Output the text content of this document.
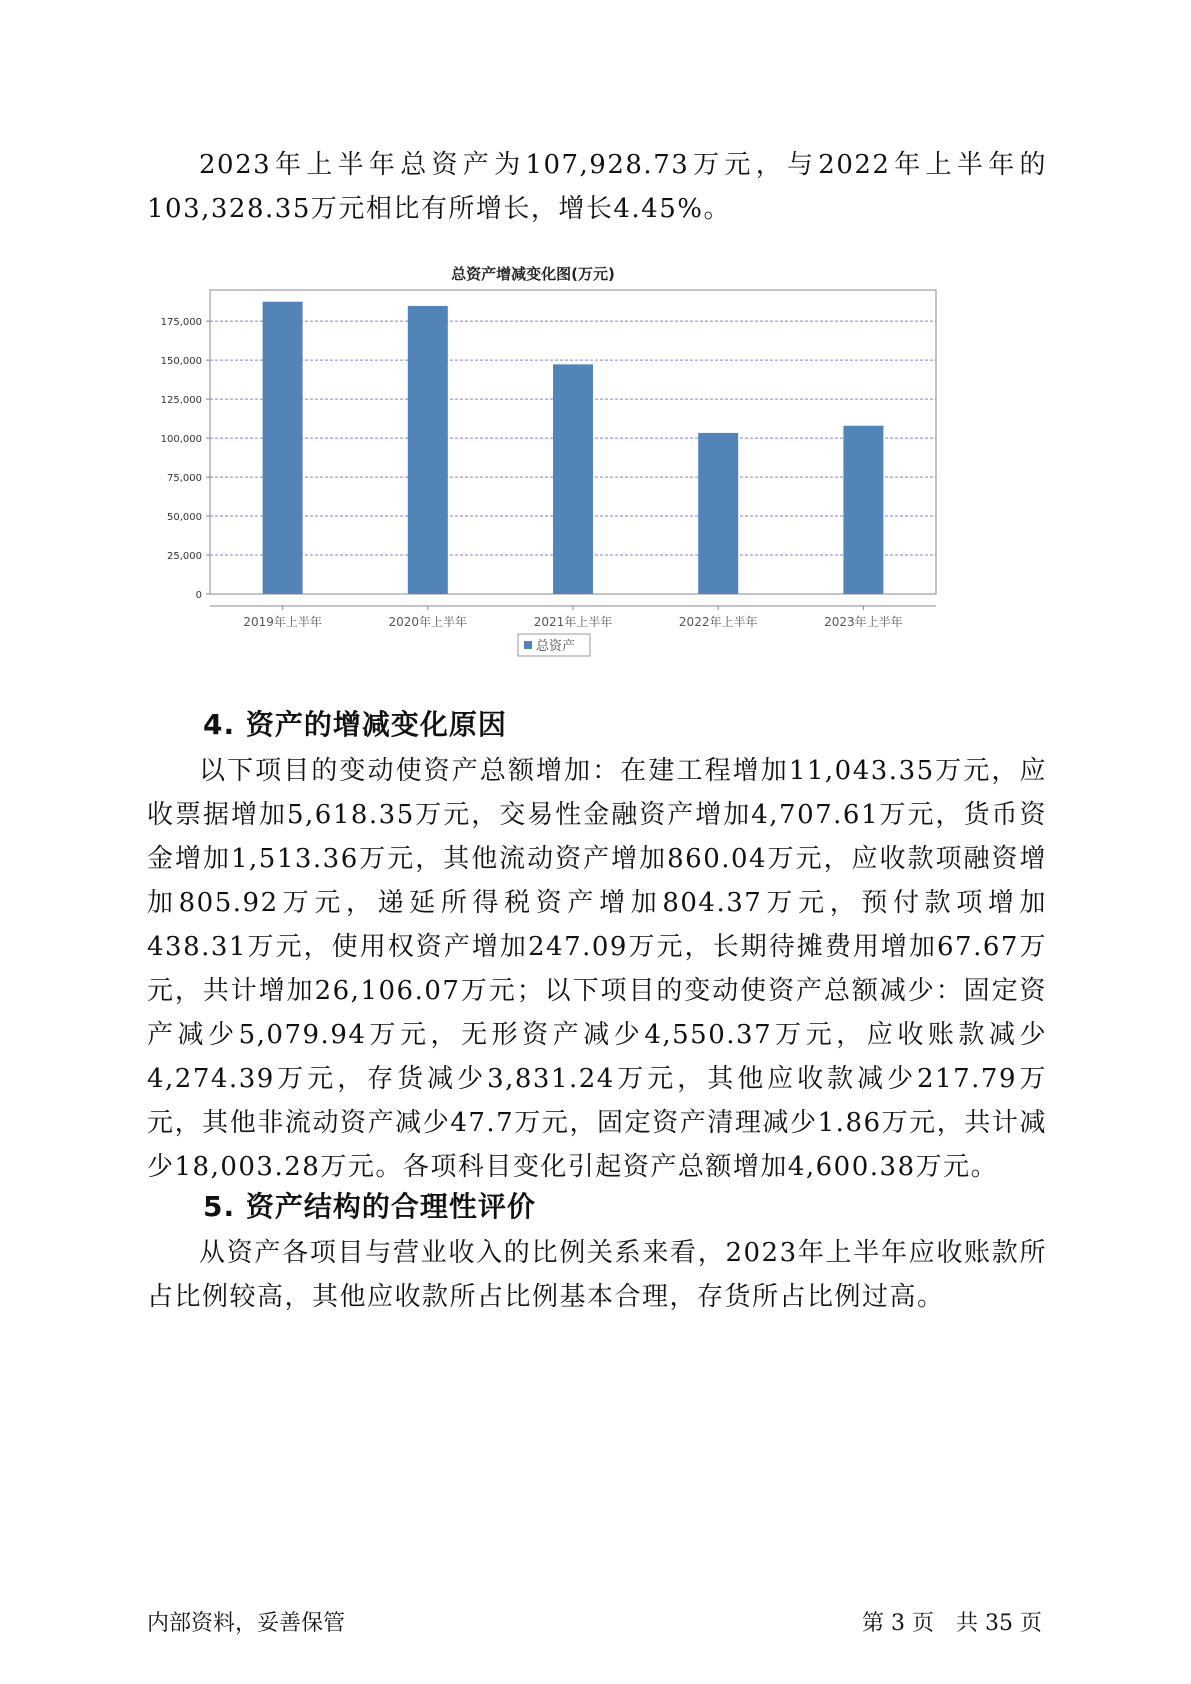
2023年上半年总资产为107,928.73万元，与2022年上半年的103,328.35万元相比有所增长，增长4.45%。

总资产增减变化图(万元)
0
25,000
50,000
75,000
100,000
125,000
150,000
175,000
2019年上半年	2020年上半年	2021年上半年	2022年上半年	2023年上半年
总资产
4. 资产的增减变化原因

以下项目的变动使资产总额增加：在建工程增加11,043.35万元，应收票据增加5,618.35万元，交易性金融资产增加4,707.61万元，货币资金增加1,513.36万元，其他流动资产增加860.04万元，应收款项融资增加805.92万元，递延所得税资产增加804.37万元，预付款项增加438.31万元，使用权资产增加247.09万元，长期待摊费用增加67.67万元，共计增加26,106.07万元；以下项目的变动使资产总额减少：固定资产减少5,079.94万元，无形资产减少4,550.37万元，应收账款减少4,274.39万元，存货减少3,831.24万元，其他应收款减少217.79万元，其他非流动资产减少47.7万元，固定资产清理减少1.86万元，共计减少18,003.28万元。各项科目变化引起资产总额增加4,600.38万元。

5. 资产结构的合理性评价

从资产各项目与营业收入的比例关系来看，2023年上半年应收账款所占比例较高，其他应收款所占比例基本合理，存货所占比例过高。

内部资料，妥善保管	第 3 页　共 35 页
